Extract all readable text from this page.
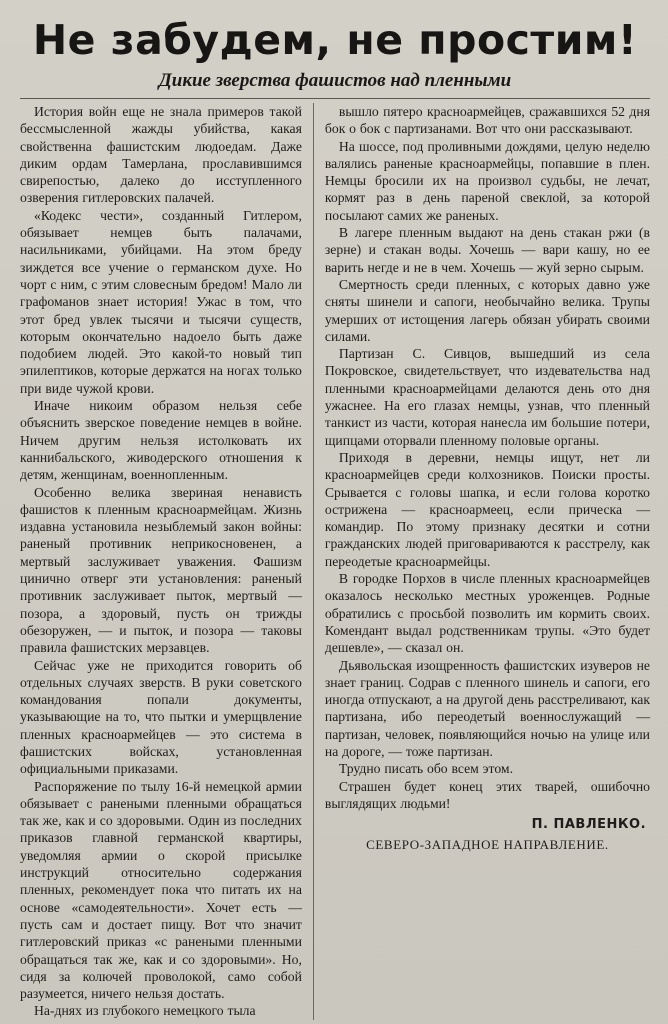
Не забудем, не простим!
Дикие зверства фашистов над пленными

История войн еще не знала примеров такой бессмысленной жажды убийства, какая свойственна фашистским людоедам. Даже диким ордам Тамерлана, прославившимся свирепостью, далеко до исступленного озверения гитлеровских палачей.

«Кодекс чести», созданный Гитлером, обязывает немцев быть палачами, насильниками, убийцами. На этом бреду зиждется все учение о германском духе. Но чорт с ним, с этим словесным бредом! Мало ли графоманов знает история! Ужас в том, что этот бред увлек тысячи и тысячи существ, которым окончательно надоело быть даже подобием людей. Это какой-то новый тип эпилептиков, которые держатся на ногах только при виде чужой крови.

Иначе никоим образом нельзя себе объяснить зверское поведение немцев в войне. Ничем другим нельзя истолковать их каннибальского, живодерского отношения к детям, женщинам, военнопленным.

Особенно велика звериная ненависть фашистов к пленным красноармейцам. Жизнь издавна установила незыблемый закон войны: раненый противник неприкосновенен, а мертвый заслуживает уважения. Фашизм цинично отверг эти установления: раненый противник заслуживает пыток, мертвый — позора, а здоровый, пусть он трижды обезоружен, — и пыток, и позора — таковы правила фашистских мерзавцев.

Сейчас уже не приходится говорить об отдельных случаях зверств. В руки советского командования попали документы, указывающие на то, что пытки и умерщвление пленных красноармейцев — это система в фашистских войсках, установленная официальными приказами.

Распоряжение по тылу 16-й немецкой армии обязывает с ранеными пленными обращаться так же, как и со здоровыми. Один из последних приказов главной германской квартиры, уведомляя армии о скорой присылке инструкций относительно содержания пленных, рекомендует пока что питать их на основе «самодеятельности». Хочет есть — пусть сам и достает пищу. Вот что значит гитлеровский приказ «с ранеными пленными обращаться так же, как и со здоровыми». Но, сидя за колючей проволокой, само собой разумеется, ничего нельзя достать.

На-днях из глубокого немецкого тыла

вышло пятеро красноармейцев, сражавшихся 52 дня бок о бок с партизанами. Вот что они рассказывают.

На шоссе, под проливными дождями, целую неделю валялись раненые красноармейцы, попавшие в плен. Немцы бросили их на произвол судьбы, не лечат, кормят раз в день пареной свеклой, за которой посылают самих же раненых.

В лагере пленным выдают на день стакан ржи (в зерне) и стакан воды. Хочешь — вари кашу, но ее варить негде и не в чем. Хочешь — жуй зерно сырым.

Смертность среди пленных, с которых давно уже сняты шинели и сапоги, необычайно велика. Трупы умерших от истощения лагерь обязан убирать своими силами.

Партизан С. Сивцов, вышедший из села Покровское, свидетельствует, что издевательства над пленными красноармейцами делаются день ото дня ужаснее. На его глазах немцы, узнав, что пленный танкист из части, которая нанесла им большие потери, щипцами оторвали пленному половые органы.

Приходя в деревни, немцы ищут, нет ли красноармейцев среди колхозников. Поиски просты. Срывается с головы шапка, и если голова коротко острижена — красноармеец, если прическа — командир. По этому признаку десятки и сотни гражданских людей приговариваются к расстрелу, как переодетые красноармейцы.

В городке Порхов в числе пленных красноармейцев оказалось несколько местных уроженцев. Родные обратились с просьбой позволить им кормить своих. Комендант выдал родственникам трупы. «Это будет дешевле», — сказал он.

Дьявольская изощренность фашистских изуверов не знает границ. Содрав с пленного шинель и сапоги, его иногда отпускают, а на другой день расстреливают, как партизана, ибо переодетый военнослужащий — партизан, человек, появляющийся ночью на улице или на дороге, — тоже партизан.

Трудно писать обо всем этом.

Страшен будет конец этих тварей, ошибочно выглядящих людьми!

П. ПАВЛЕНКО.
СЕВЕРО-ЗАПАДНОЕ НАПРАВЛЕНИЕ.
